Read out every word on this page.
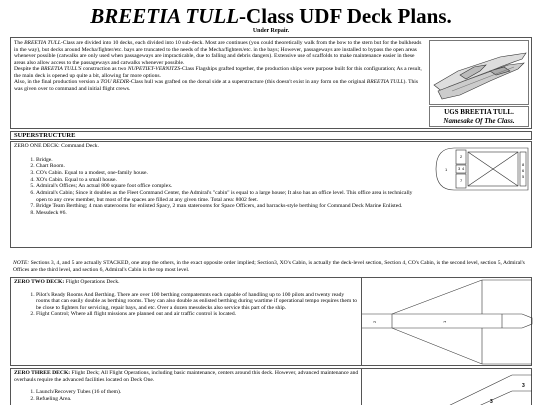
BREETIA TULL-Class UDF Deck Plans.
Under Repair.
The BREETIA TULL-Class are divided into 10 decks, each divided into 10 sub-deck. Most are continues (you could theoretically walk from the bow to the stern but for the bulkheads in the way), but decks around Mecha/fighter/etc. bays are truncated to the needs of the Mecha/fighters/etc. in the bays; However, passageways are installed to bypass the open areas whenever possible (catwalks are only used when passageways are impracticable, due to falling and debris dangers). Extensive use of scaffolds to make maintenance easier in these areas also allow access to the passageways and catwalks whenever possible.
Despite the BREETIA TULL'S construction as two NUPETIET-VERNITZS-Class Flagships grafted together, the production ships were purpose built for this configuration; As a result, the main deck is opened up quite a bit, allowing far more options.
Also, in the final production version a TOU REDIR-Class hull was grafted on the dorsal side at a superstructure (this doesn't exist in any form on the original BREETIA TULL). This was given over to command and initial flight crews.
UGS BREETIA TULL.
Namesake Of The Class.
SUPERSTRUCTURE
ZERO ONE DECK: Command Deck.
1. Bridge.
2. Chart Room.
3. CO's Cabin. Equal to a modest, one-family house.
4. XO's Cabin. Equal to a small house.
5. Admiral's Offices; An actual 800 square foot office complex.
6. Admiral's Cabin; Since it doubles as the Fleet Command Center, the Admiral's "cabin" is equal to a large house; It also has an office level. This office area is technically open to any crew member, but most of the spaces are filled at any given time. Total area: 8002 feet.
7. Bridge Team Berthing; 4 man staterooms for enlisted Spacy, 2 man staterooms for Space Officers, and barracks-style berthing for Command Deck Marine Enlisted.
8. Messdeck #6.
1
2
3 4
7
8
6
5
NOTE: Sections 3, 4, and 5 are actually STACKED, one atop the others, in the exact opposite order implied; Section3, XO's Cabin, is actually the deck-level section, Section 4, CO's Cabin, is the second level, section 5, Admiral's Offices are the third level, and section 6, Admiral's Cabin is the top most level.
ZERO TWO DECK: Flight Operations Deck.
1. Pilot's Ready Rooms And Berthing. There are over 100 berthing compatemnts each capable of handling up to 100 pilots and twenty ready rooms that can easily double as berthing rooms. They can also double as enlisted berthing during wartime if operational tempo requires them to be close to fighters for servicing, repair bays, and etc. Over a dozen messdecks also service this part of the ship.
2. Flight Control; Where all flight missions are planned out and air traffic control is located.
2	1
ZERO THREE DECK: Flight Deck; All Flight Operations, including basic maintenance, centers around this deck. However, advanced maintenance and overhauls require the advanced facilities located on Deck One.
1. Launch/Recovery Tubes (16 of them).
2. Refueling Area.
3
3
